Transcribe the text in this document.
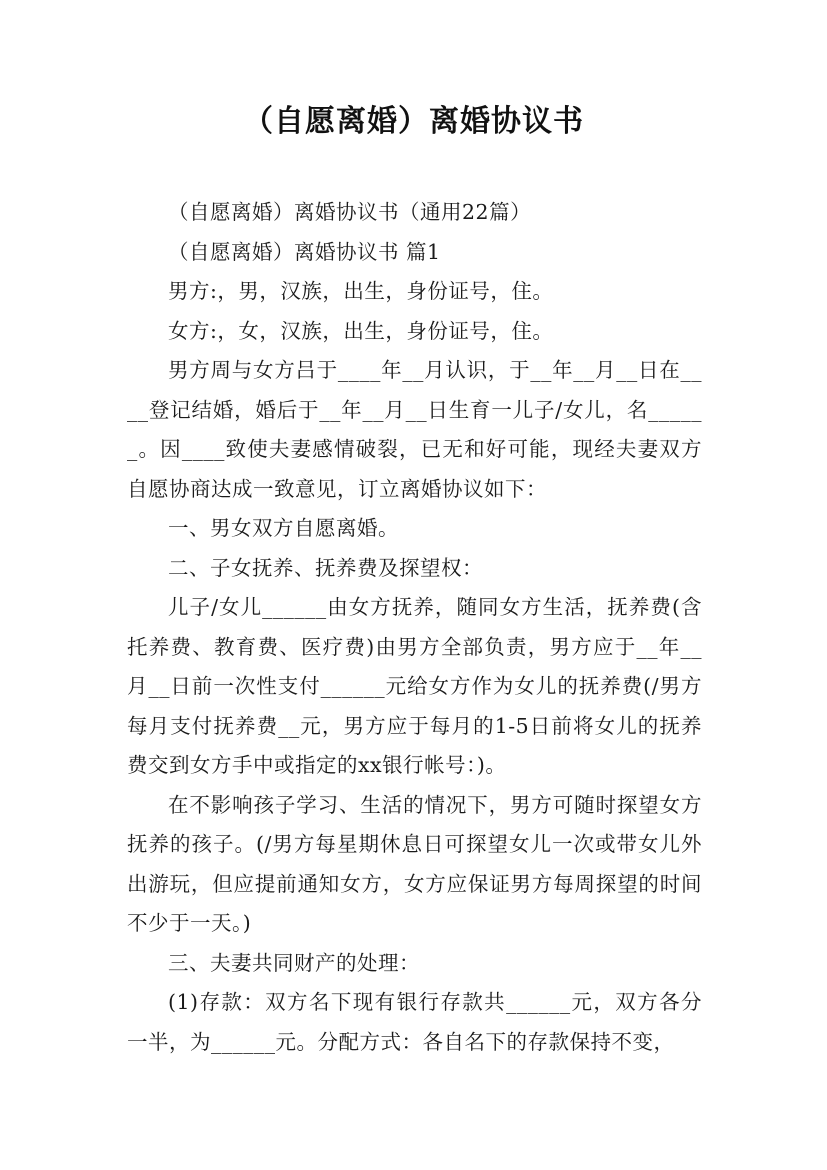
（自愿离婚）离婚协议书

（自愿离婚）离婚协议书（通用22篇）

（自愿离婚）离婚协议书 篇1

男方:，男，汉族，出生，身份证号，住。

女方:，女，汉族，出生，身份证号，住。

男方周与女方吕于____年__月认识，于__年__月__日在____登记结婚，婚后于__年__月__日生育一儿子/女儿，名______。因____致使夫妻感情破裂，已无和好可能，现经夫妻双方自愿协商达成一致意见，订立离婚协议如下：

一、男女双方自愿离婚。

二、子女抚养、抚养费及探望权：

儿子/女儿______由女方抚养，随同女方生活，抚养费(含托养费、教育费、医疗费)由男方全部负责，男方应于__年__月__日前一次性支付______元给女方作为女儿的抚养费(/男方每月支付抚养费__元，男方应于每月的1-5日前将女儿的抚养费交到女方手中或指定的xx银行帐号：)。

在不影响孩子学习、生活的情况下，男方可随时探望女方抚养的孩子。(/男方每星期休息日可探望女儿一次或带女儿外出游玩，但应提前通知女方，女方应保证男方每周探望的时间不少于一天。)

三、夫妻共同财产的处理：

(1)存款：双方名下现有银行存款共______元，双方各分一半，为______元。分配方式：各自名下的存款保持不变，
